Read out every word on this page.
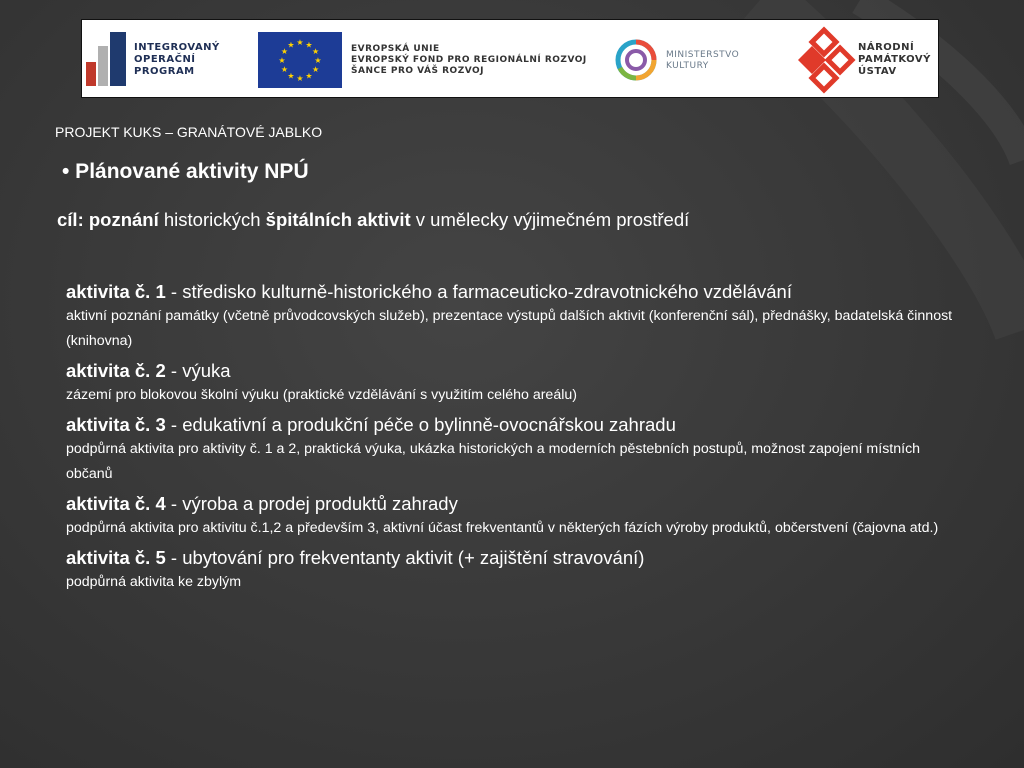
★ ★
★
★
★
★
★
★
★
★
★
★
INTEGROVANÝ
OPERAČNÍ
PROGRAM
EVROPSKÁ UNIE
EVROPSKÝ FOND PRO REGIONÁLNÍ ROZVOJ
ŠANCE PRO VÁŠ ROZVOJ
MINISTERSTVO
KULTURY
NÁRODNÍ
PAMÁTKOVÝ
ÚSTAV
PROJEKT KUKS – GRANÁTOVÉ JABLKO
• Plánované aktivity NPÚ
cíl: poznání historických špitálních aktivit v umělecky výjimečném prostředí

aktivita č. 1 - středisko kulturně-historického a farmaceuticko-zdravotnického vzdělávání

aktivní poznání památky (včetně průvodcovských služeb), prezentace výstupů dalších aktivit (konferenční sál), přednášky, badatelská činnost (knihovna)

aktivita č. 2 - výuka

zázemí pro blokovou školní výuku (praktické vzdělávání s využitím celého areálu)

aktivita č. 3 - edukativní a produkční péče o bylinně-ovocnářskou zahradu

podpůrná aktivita pro aktivity č. 1 a 2, praktická výuka, ukázka historických a moderních pěstebních postupů, možnost zapojení místních občanů

aktivita č. 4 - výroba a prodej produktů zahrady

podpůrná aktivita pro aktivitu č.1,2 a především 3, aktivní účast frekventantů v některých fázích výroby produktů, občerstvení (čajovna atd.)

aktivita č. 5 - ubytování pro frekventanty aktivit (+ zajištění stravování)

podpůrná aktivita ke zbylým
